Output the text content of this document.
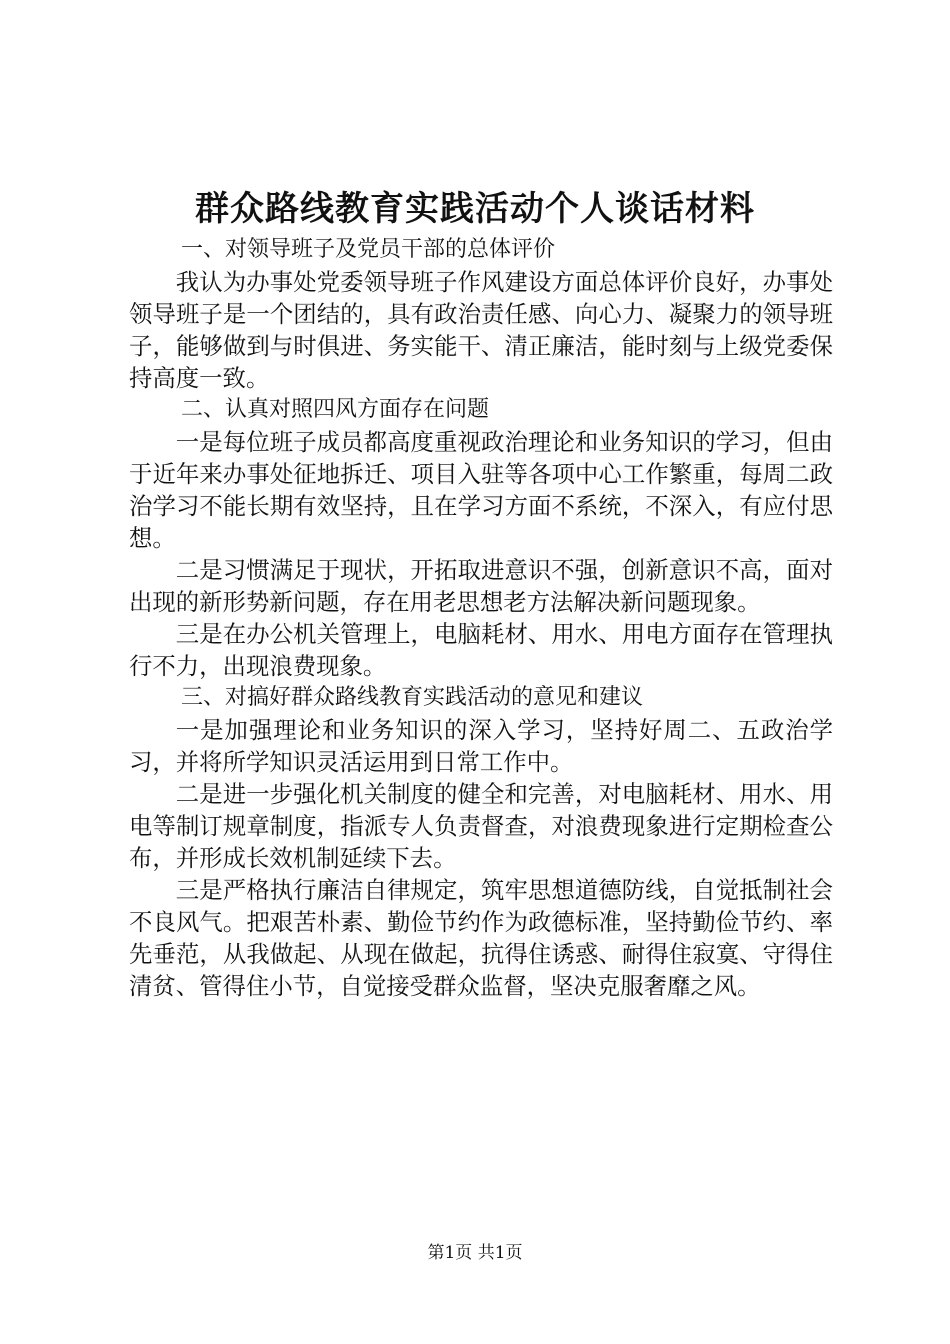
群众路线教育实践活动个人谈话材料

一、对领导班子及党员干部的总体评价

我认为办事处党委领导班子作风建设方面总体评价良好，办事处领导班子是一个团结的，具有政治责任感、向心力、凝聚力的领导班子，能够做到与时俱进、务实能干、清正廉洁，能时刻与上级党委保持高度一致。

二、认真对照四风方面存在问题

一是每位班子成员都高度重视政治理论和业务知识的学习，但由于近年来办事处征地拆迁、项目入驻等各项中心工作繁重，每周二政治学习不能长期有效坚持，且在学习方面不系统，不深入，有应付思想。

二是习惯满足于现状，开拓取进意识不强，创新意识不高，面对出现的新形势新问题，存在用老思想老方法解决新问题现象。

三是在办公机关管理上，电脑耗材、用水、用电方面存在管理执行不力，出现浪费现象。

三、对搞好群众路线教育实践活动的意见和建议

一是加强理论和业务知识的深入学习，坚持好周二、五政治学习，并将所学知识灵活运用到日常工作中。

二是进一步强化机关制度的健全和完善，对电脑耗材、用水、用电等制订规章制度，指派专人负责督查，对浪费现象进行定期检查公布，并形成长效机制延续下去。

三是严格执行廉洁自律规定，筑牢思想道德防线，自觉抵制社会不良风气。把艰苦朴素、勤俭节约作为政德标准，坚持勤俭节约、率先垂范，从我做起、从现在做起，抗得住诱惑、耐得住寂寞、守得住清贫、管得住小节，自觉接受群众监督，坚决克服奢靡之风。

第1页 共1页
